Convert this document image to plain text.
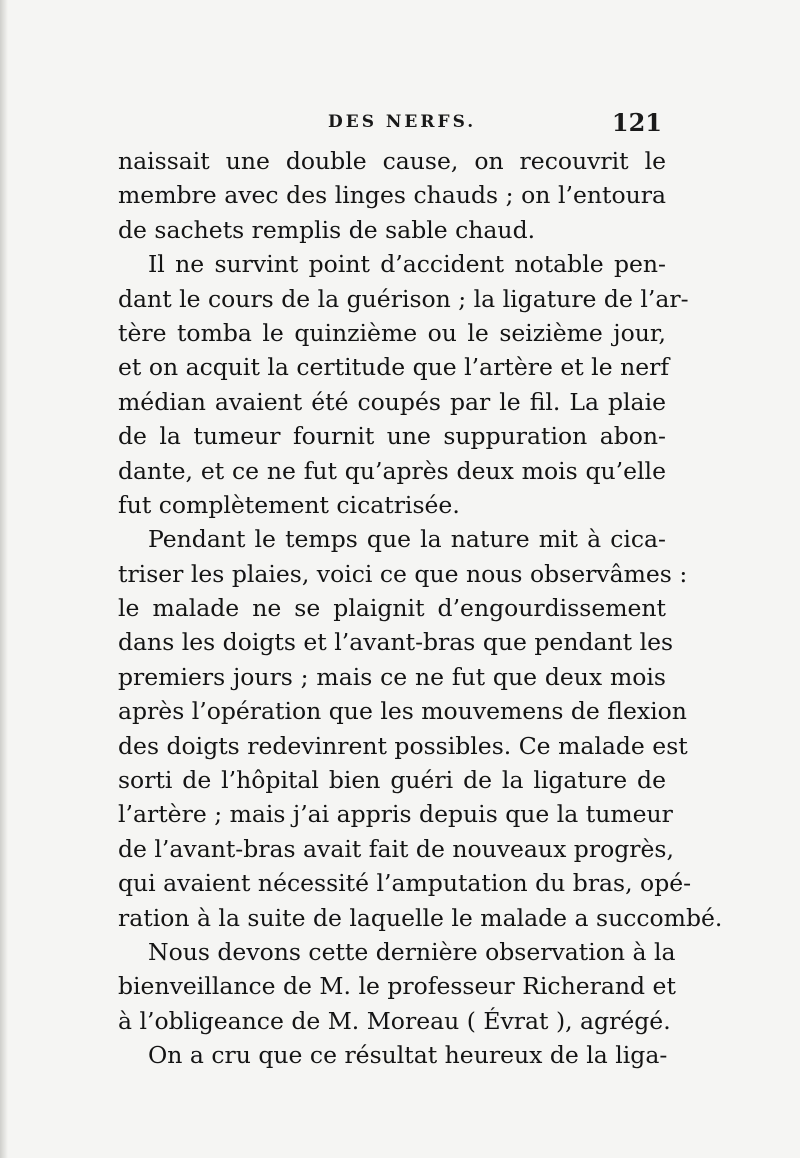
DES NERFS.	121
naissait une double cause, on recouvrit le
membre avec des linges chauds ; on l’entoura
de sachets remplis de sable chaud.
Il ne survint point d’accident notable pen-
dant le cours de la guérison ; la ligature de l’ar-
tère tomba le quinzième ou le seizième jour,
et on acquit la certitude que l’artère et le nerf
médian avaient été coupés par le fil. La plaie
de la tumeur fournit une suppuration abon-
dante, et ce ne fut qu’après deux mois qu’elle
fut complètement cicatrisée.
Pendant le temps que la nature mit à cica-
triser les plaies, voici ce que nous observâmes :
le malade ne se plaignit d’engourdissement
dans les doigts et l’avant-bras que pendant les
premiers jours ; mais ce ne fut que deux mois
après l’opération que les mouvemens de flexion
des doigts redevinrent possibles. Ce malade est
sorti de l’hôpital bien guéri de la ligature de
l’artère ; mais j’ai appris depuis que la tumeur
de l’avant-bras avait fait de nouveaux progrès,
qui avaient nécessité l’amputation du bras, opé-
ration à la suite de laquelle le malade a succombé.
Nous devons cette dernière observation à la
bienveillance de M. le professeur Richerand et
à l’obligeance de M. Moreau ( Évrat ), agrégé.
On a cru que ce résultat heureux de la liga-
